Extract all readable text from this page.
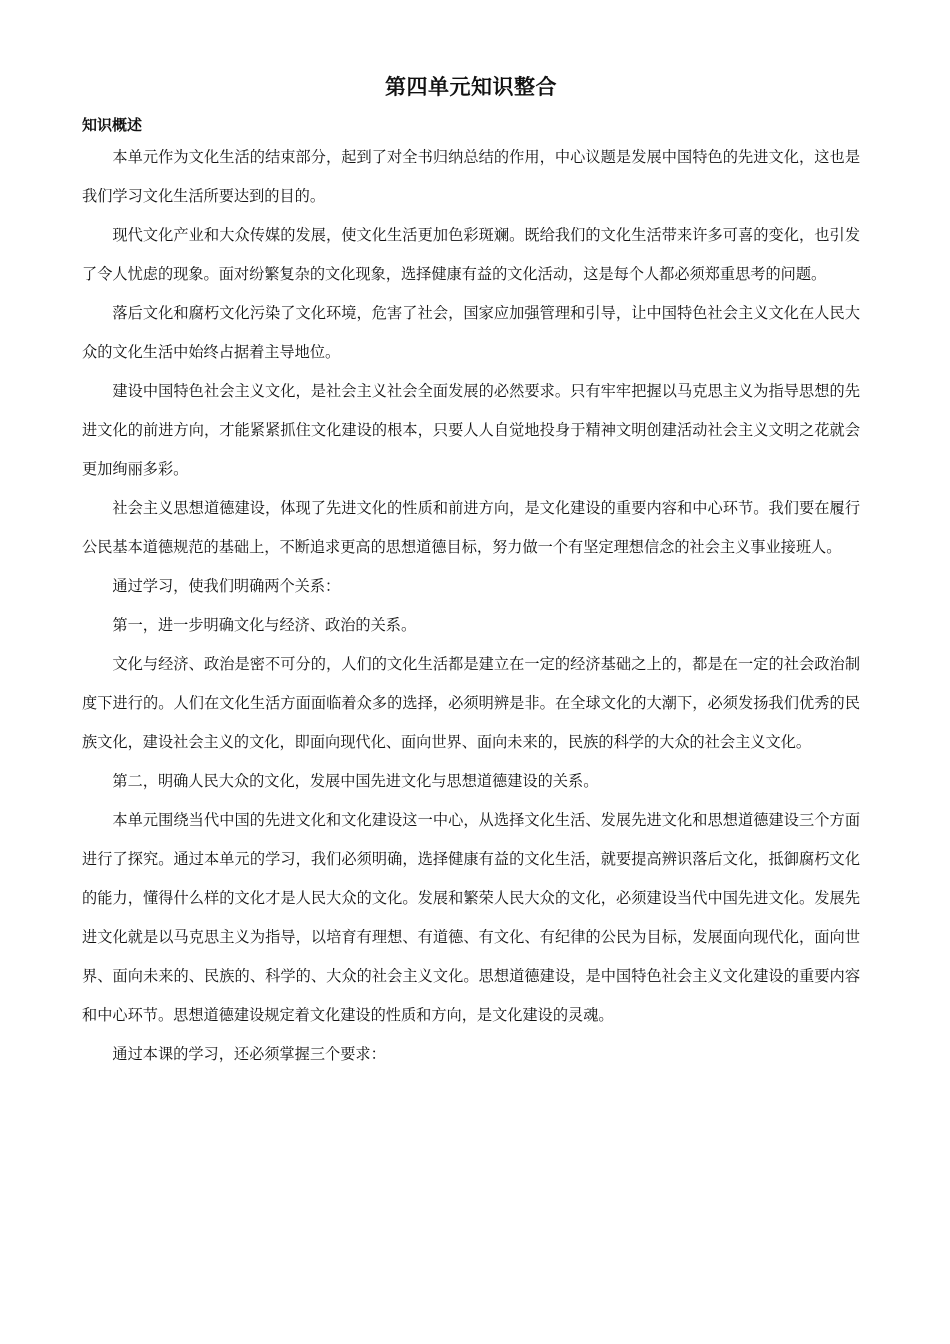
第四单元知识整合
知识概述

本单元作为文化生活的结束部分，起到了对全书归纳总结的作用，中心议题是发展中国特色的先进文化，这也是我们学习文化生活所要达到的目的。

现代文化产业和大众传媒的发展，使文化生活更加色彩斑斓。既给我们的文化生活带来许多可喜的变化，也引发了令人忧虑的现象。面对纷繁复杂的文化现象，选择健康有益的文化活动，这是每个人都必须郑重思考的问题。

落后文化和腐朽文化污染了文化环境，危害了社会，国家应加强管理和引导，让中国特色社会主义文化在人民大众的文化生活中始终占据着主导地位。

建设中国特色社会主义文化，是社会主义社会全面发展的必然要求。只有牢牢把握以马克思主义为指导思想的先进文化的前进方向，才能紧紧抓住文化建设的根本，只要人人自觉地投身于精神文明创建活动社会主义文明之花就会更加绚丽多彩。

社会主义思想道德建设，体现了先进文化的性质和前进方向，是文化建设的重要内容和中心环节。我们要在履行公民基本道德规范的基础上，不断追求更高的思想道德目标，努力做一个有坚定理想信念的社会主义事业接班人。

通过学习，使我们明确两个关系：

第一，进一步明确文化与经济、政治的关系。

文化与经济、政治是密不可分的，人们的文化生活都是建立在一定的经济基础之上的，都是在一定的社会政治制度下进行的。人们在文化生活方面面临着众多的选择，必须明辨是非。在全球文化的大潮下，必须发扬我们优秀的民族文化，建设社会主义的文化，即面向现代化、面向世界、面向未来的，民族的科学的大众的社会主义文化。

第二，明确人民大众的文化，发展中国先进文化与思想道德建设的关系。

本单元围绕当代中国的先进文化和文化建设这一中心，从选择文化生活、发展先进文化和思想道德建设三个方面进行了探究。通过本单元的学习，我们必须明确，选择健康有益的文化生活，就要提高辨识落后文化，抵御腐朽文化的能力，懂得什么样的文化才是人民大众的文化。发展和繁荣人民大众的文化，必须建设当代中国先进文化。发展先进文化就是以马克思主义为指导，以培育有理想、有道德、有文化、有纪律的公民为目标，发展面向现代化，面向世界、面向未来的、民族的、科学的、大众的社会主义文化。思想道德建设，是中国特色社会主义文化建设的重要内容和中心环节。思想道德建设规定着文化建设的性质和方向，是文化建设的灵魂。

通过本课的学习，还必须掌握三个要求：
